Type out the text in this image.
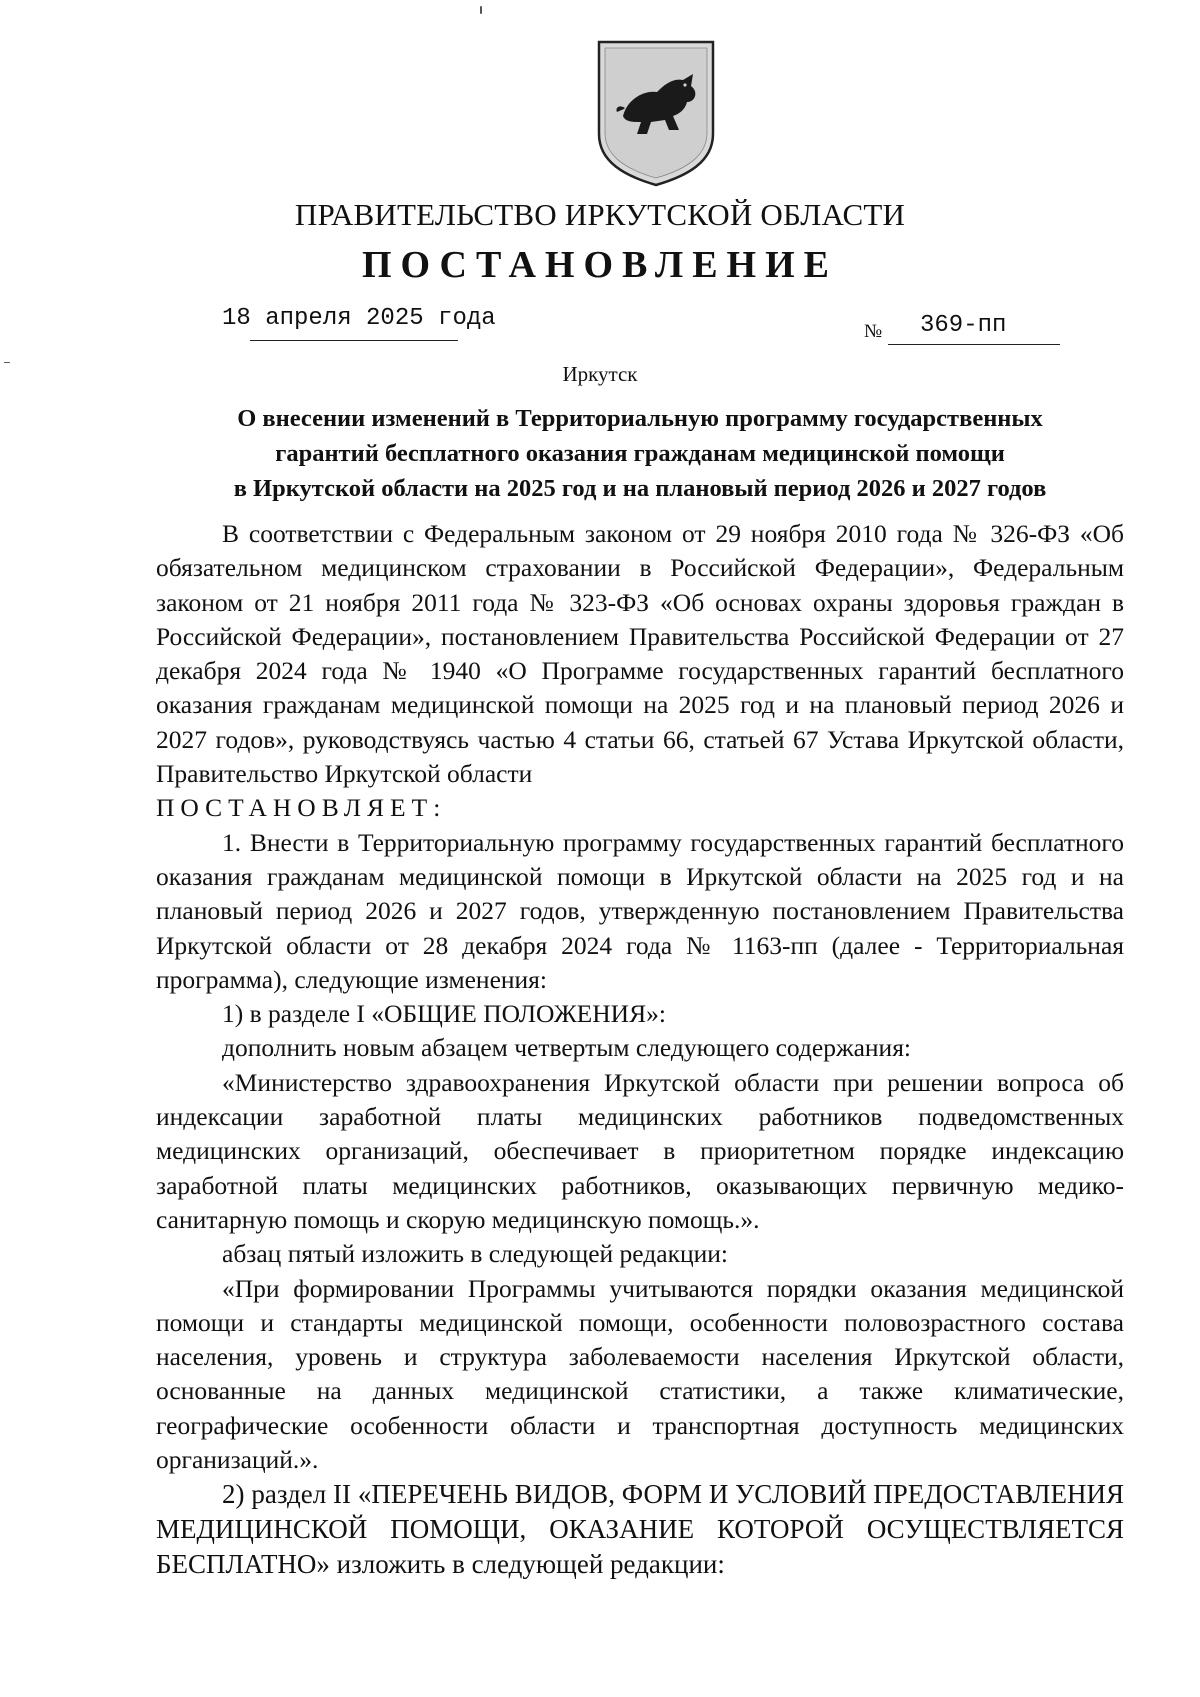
ПРАВИТЕЛЬСТВО ИРКУТСКОЙ ОБЛАСТИ
ПОСТАНОВЛЕНИЕ
18 апреля 2025 года	№ 369-пп
Иркутск
О внесении изменений в Территориальную программу государственных
гарантий бесплатного оказания гражданам медицинской помощи
в Иркутской области на 2025 год и на плановый период 2026 и 2027 годов

В соответствии с Федеральным законом от 29 ноября 2010 года № 326-ФЗ «Об обязательном медицинском страховании в Российской Федерации», Федеральным законом от 21 ноября 2011 года № 323-ФЗ «Об основах охраны здоровья граждан в Российской Федерации», постановлением Правительства Российской Федерации от 27 декабря 2024 года № 1940 «О Программе государственных гарантий бесплатного оказания гражданам медицинской помощи на 2025 год и на плановый период 2026 и 2027 годов», руководствуясь частью 4 статьи 66, статьей 67 Устава Иркутской области, Правительство Иркутской области

ПОСТАНОВЛЯЕТ:

1. Внести в Территориальную программу государственных гарантий бесплатного оказания гражданам медицинской помощи в Иркутской области на 2025 год и на плановый период 2026 и 2027 годов, утвержденную постановлением Правительства Иркутской области от 28 декабря 2024 года № 1163-пп (далее - Территориальная программа), следующие изменения:

1) в разделе I «ОБЩИЕ ПОЛОЖЕНИЯ»:

дополнить новым абзацем четвертым следующего содержания:

«Министерство здравоохранения Иркутской области при решении вопроса об индексации заработной платы медицинских работников подведомственных медицинских организаций, обеспечивает в приоритетном порядке индексацию заработной платы медицинских работников, оказывающих первичную медико-санитарную помощь и скорую медицинскую помощь.».

абзац пятый изложить в следующей редакции:

«При формировании Программы учитываются порядки оказания медицинской помощи и стандарты медицинской помощи, особенности половозрастного состава населения, уровень и структура заболеваемости населения Иркутской области, основанные на данных медицинской статистики, а также климатические, географические особенности области и транспортная доступность медицинских организаций.».

2) раздел II «ПЕРЕЧЕНЬ ВИДОВ, ФОРМ И УСЛОВИЙ ПРЕДОСТАВЛЕНИЯ МЕДИЦИНСКОЙ ПОМОЩИ, ОКАЗАНИЕ КОТОРОЙ ОСУЩЕСТВЛЯЕТСЯ БЕСПЛАТНО» изложить в следующей редакции:
